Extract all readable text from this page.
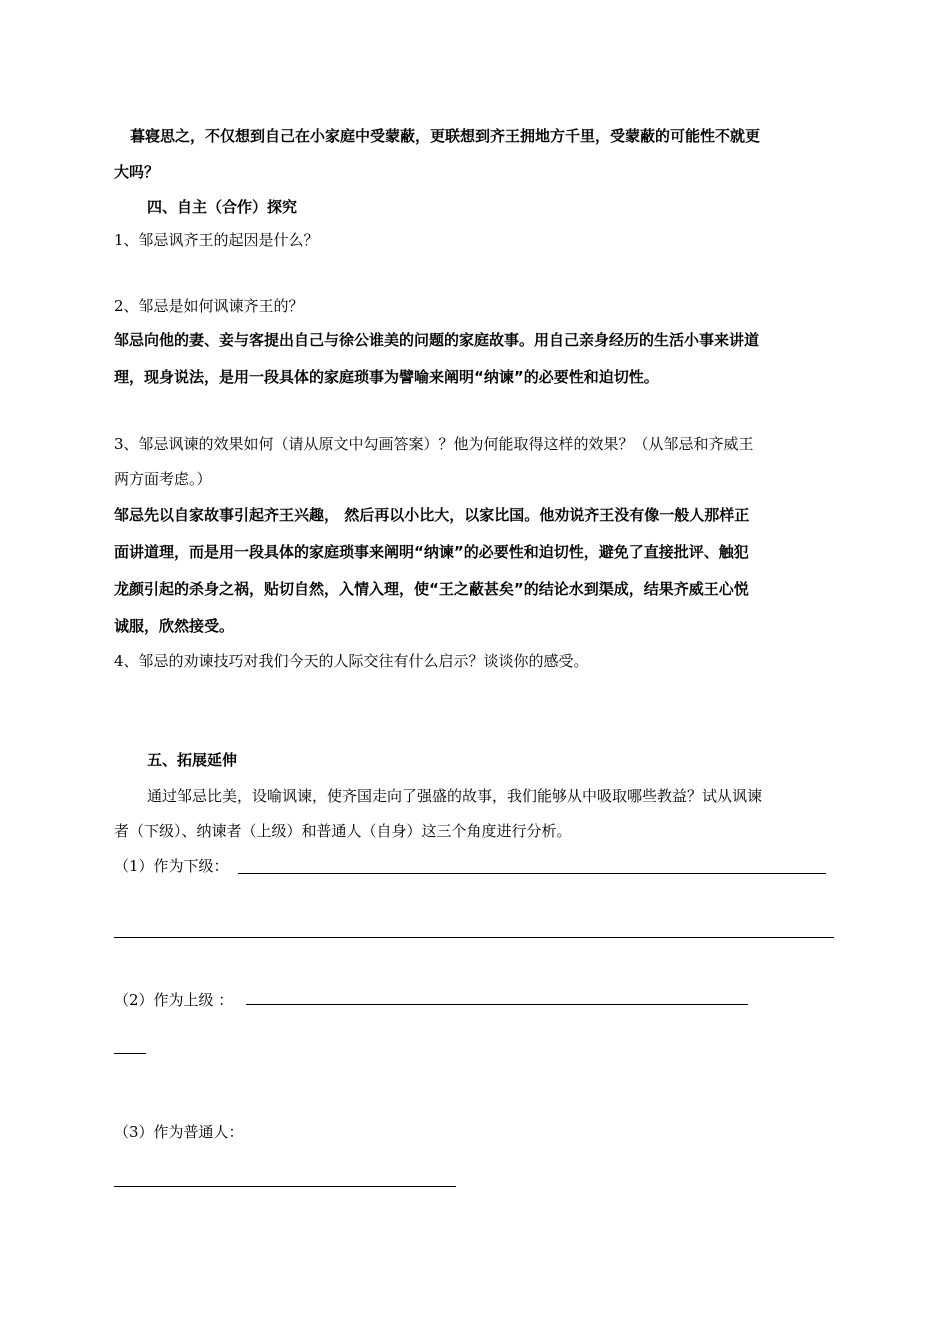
暮寝思之，不仅想到自己在小家庭中受蒙蔽，更联想到齐王拥地方千里，受蒙蔽的可能性不就更
大吗？
四、自主（合作）探究
1、邹忌讽齐王的起因是什么？
2、邹忌是如何讽谏齐王的？
邹忌向他的妻、妾与客提出自己与徐公谁美的问题的家庭故事。用自己亲身经历的生活小事来讲道
理，现身说法，是用一段具体的家庭琐事为譬喻来阐明“纳谏”的必要性和迫切性。
3、邹忌讽谏的效果如何（请从原文中勾画答案）？他为何能取得这样的效果？（从邹忌和齐威王
两方面考虑。）
邹忌先以自家故事引起齐王兴趣， 然后再以小比大，以家比国。他劝说齐王没有像一般人那样正
面讲道理，而是用一段具体的家庭琐事来阐明“纳谏”的必要性和迫切性，避免了直接批评、触犯
龙颜引起的杀身之祸，贴切自然，入情入理，使“王之蔽甚矣”的结论水到渠成，结果齐威王心悦
诚服，欣然接受。
4、邹忌的劝谏技巧对我们今天的人际交往有什么启示？谈谈你的感受。
五、拓展延伸
通过邹忌比美，设喻讽谏，使齐国走向了强盛的故事，我们能够从中吸取哪些教益？试从讽谏
者（下级）、纳谏者（上级）和普通人（自身）这三个角度进行分析。
（1）作为下级：
（2）作为上级 ：
（3）作为普通人：
